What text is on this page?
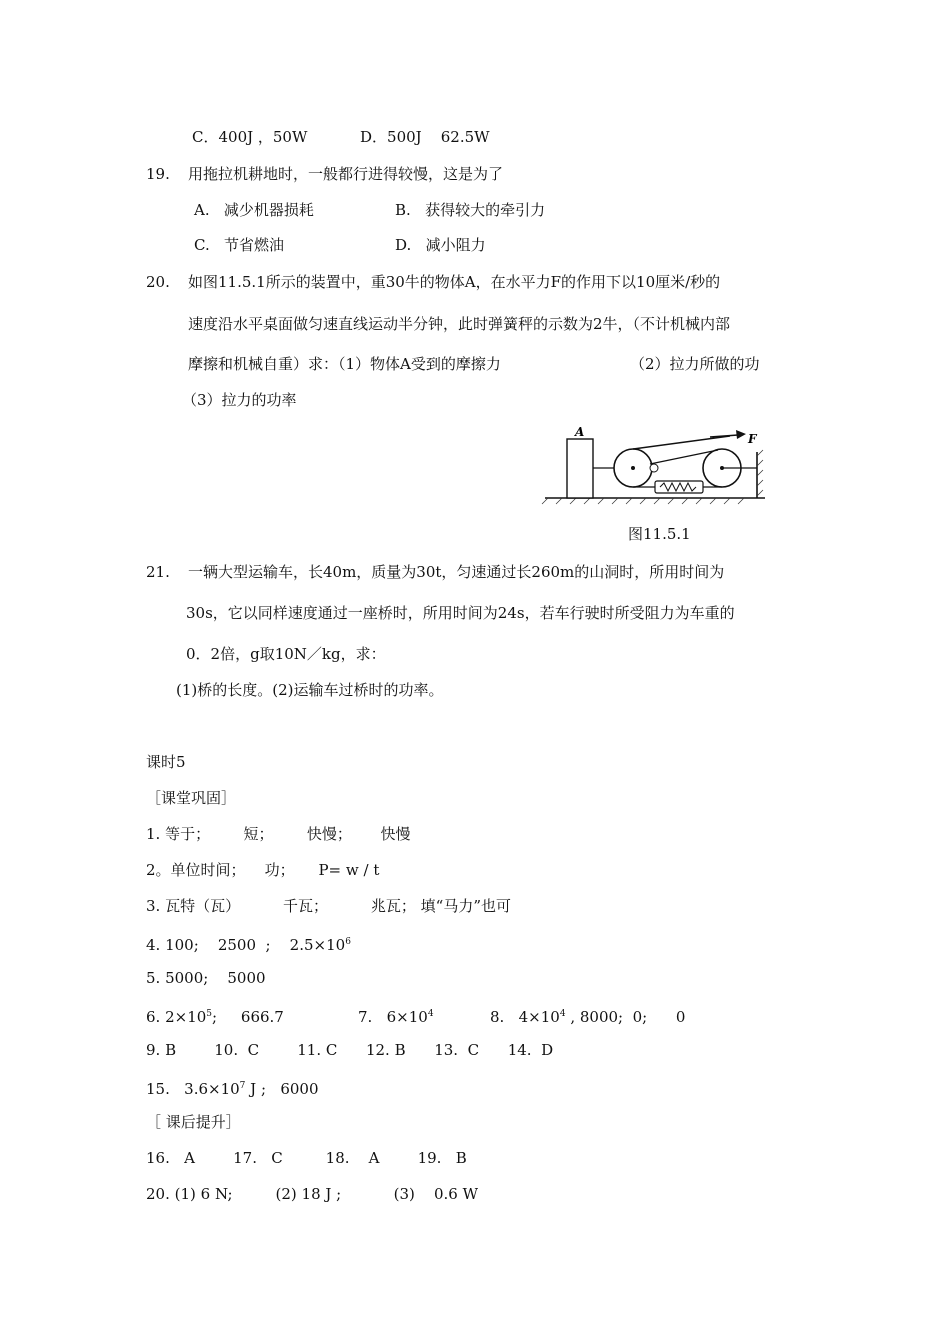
C．400J ，50W	D．500J    62.5W
19. 用拖拉机耕地时，一般都行进得较慢，这是为了
A.   减少机器损耗	B.   获得较大的牵引力
C.   节省燃油	D.   减小阻力
20. 如图11.5.1所示的装置中，重30牛的物体A，在水平力F的作用下以10厘米/秒的
速度沿水平桌面做匀速直线运动半分钟，此时弹簧秤的示数为2牛，（不计机械内部
摩擦和机械自重）求：（1）物体A受到的摩擦力	（2）拉力所做的功
（3）拉力的功率
A	F
图11.5.1
21. 一辆大型运输车，长40m，质量为30t，匀速通过长260m的山洞时，所用时间为
30s，它以同样速度通过一座桥时，所用时间为24s，若车行驶时所受阻力为车重的
0．2倍，g取10N／kg，求：
(1)桥的长度。(2)运输车过桥时的功率。
课时5
［课堂巩固］
1. 等于；       短；       快慢；      快慢
2。单位时间；    功；     P= w / t
3. 瓦特（瓦）         千瓦；         兆瓦； 填“马力”也可
4. 100;    2500  ;    $2.5\times 10^6$
5. 5000;    5000
6. $2\times 10^5$;     666.7	7.   $6\times 10^4$	8.   $4\times 10^4$ , 8000;  0;      0
9. B        10.  C        11. C      12. B      13.  C      14.  D
15.   $3.6\times 10^7$ J ;   6000
［ 课后提升］
16.   A        17.   C         18.    A        19.   B
20. (1) 6 N;         (2) 18 J ;           (3)    0.6 W
